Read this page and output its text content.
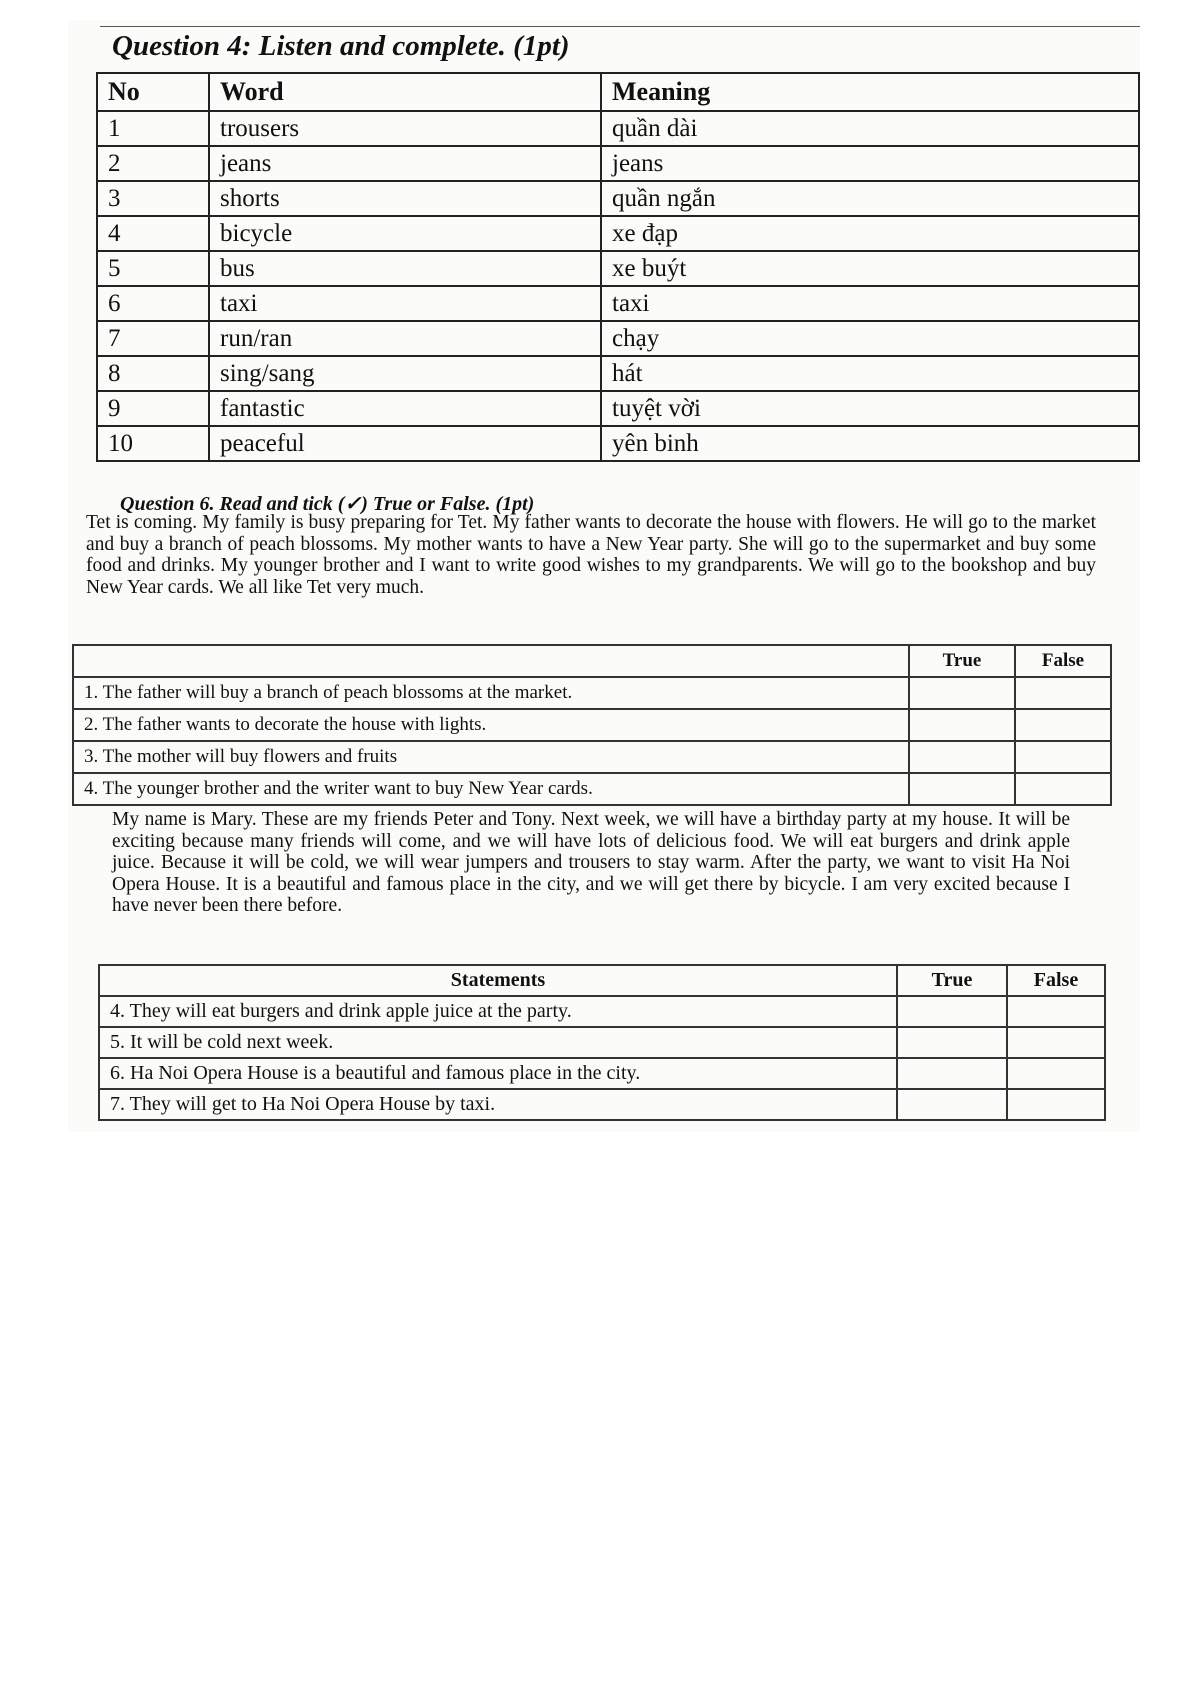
Question 4: Listen and complete. (1pt)
No	Word	Meaning
1	trousers	quần dài
2	jeans	jeans
3	shorts	quần ngắn
4	bicycle	xe đạp
5	bus	xe buýt
6	taxi	taxi
7	run/ran	chạy
8	sing/sang	hát
9	fantastic	tuyệt vời
10	peaceful	yên binh
Question 6. Read and tick (✓) True or False. (1pt)

Tet is coming. My family is busy preparing for Tet. My father wants to decorate the house with flowers. He will go to the market and buy a branch of peach blossoms. My mother wants to have a New Year party. She will go to the supermarket and buy some food and drinks. My younger brother and I want to write good wishes to my grandparents. We will go to the bookshop and buy New Year cards. We all like Tet very much.

	True	False
1. The father will buy a branch of peach blossoms at the market.		
2. The father wants to decorate the house with lights.		
3. The mother will buy flowers and fruits		
4. The younger brother and the writer want to buy New Year cards.		

My name is Mary. These are my friends Peter and Tony. Next week, we will have a birthday party at my house. It will be exciting because many friends will come, and we will have lots of delicious food. We will eat burgers and drink apple juice. Because it will be cold, we will wear jumpers and trousers to stay warm. After the party, we want to visit Ha Noi Opera House. It is a beautiful and famous place in the city, and we will get there by bicycle. I am very excited because I have never been there before.

Statements	True	False
4. They will eat burgers and drink apple juice at the party.		
5. It will be cold next week.		
6. Ha Noi Opera House is a beautiful and famous place in the city.		
7. They will get to Ha Noi Opera House by taxi.		
